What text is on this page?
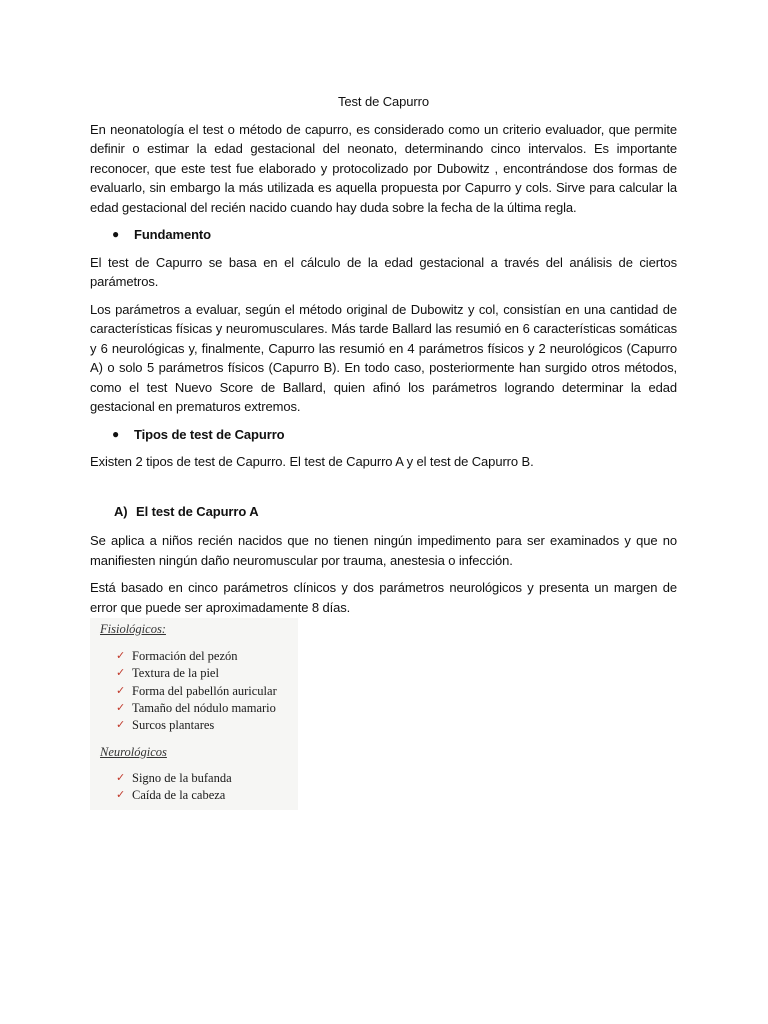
Test de Capurro

En neonatología el test o método de capurro, es considerado como un criterio evaluador, que permite definir o estimar la edad gestacional del neonato, determinando cinco intervalos. Es importante reconocer, que este test fue elaborado y protocolizado por Dubowitz , encontrándose dos formas de evaluarlo, sin embargo la más utilizada es aquella propuesta por Capurro y cols. Sirve para calcular la edad gestacional del recién nacido cuando hay duda sobre la fecha de la última regla.

●	Fundamento

El test de Capurro se basa en el cálculo de la edad gestacional a través del análisis de ciertos parámetros.

Los parámetros a evaluar, según el método original de Dubowitz y col, consistían en una cantidad de características físicas y neuromusculares. Más tarde Ballard las resumió en 6 características somáticas y 6 neurológicas y, finalmente, Capurro las resumió en 4 parámetros físicos y 2 neurológicos (Capurro A) o solo 5 parámetros físicos (Capurro B). En todo caso, posteriormente han surgido otros métodos, como el test Nuevo Score de Ballard, quien afinó los parámetros logrando determinar la edad gestacional en prematuros extremos.

●	Tipos de test de Capurro

Existen 2 tipos de test de Capurro. El test de Capurro A y el test de Capurro B.

A) El test de Capurro A

Se aplica a niños recién nacidos que no tienen ningún impedimento para ser examinados y que no manifiesten ningún daño neuromuscular por trauma, anestesia o infección.

Está basado en cinco parámetros clínicos y dos parámetros neurológicos y presenta un margen de error que puede ser aproximadamente 8 días.

Fisiológicos:
✓ Formación del pezón
✓ Textura de la piel
✓ Forma del pabellón auricular
✓ Tamaño del nódulo mamario
✓ Surcos plantares
Neurológicos
✓ Signo de la bufanda
✓ Caída de la cabeza
